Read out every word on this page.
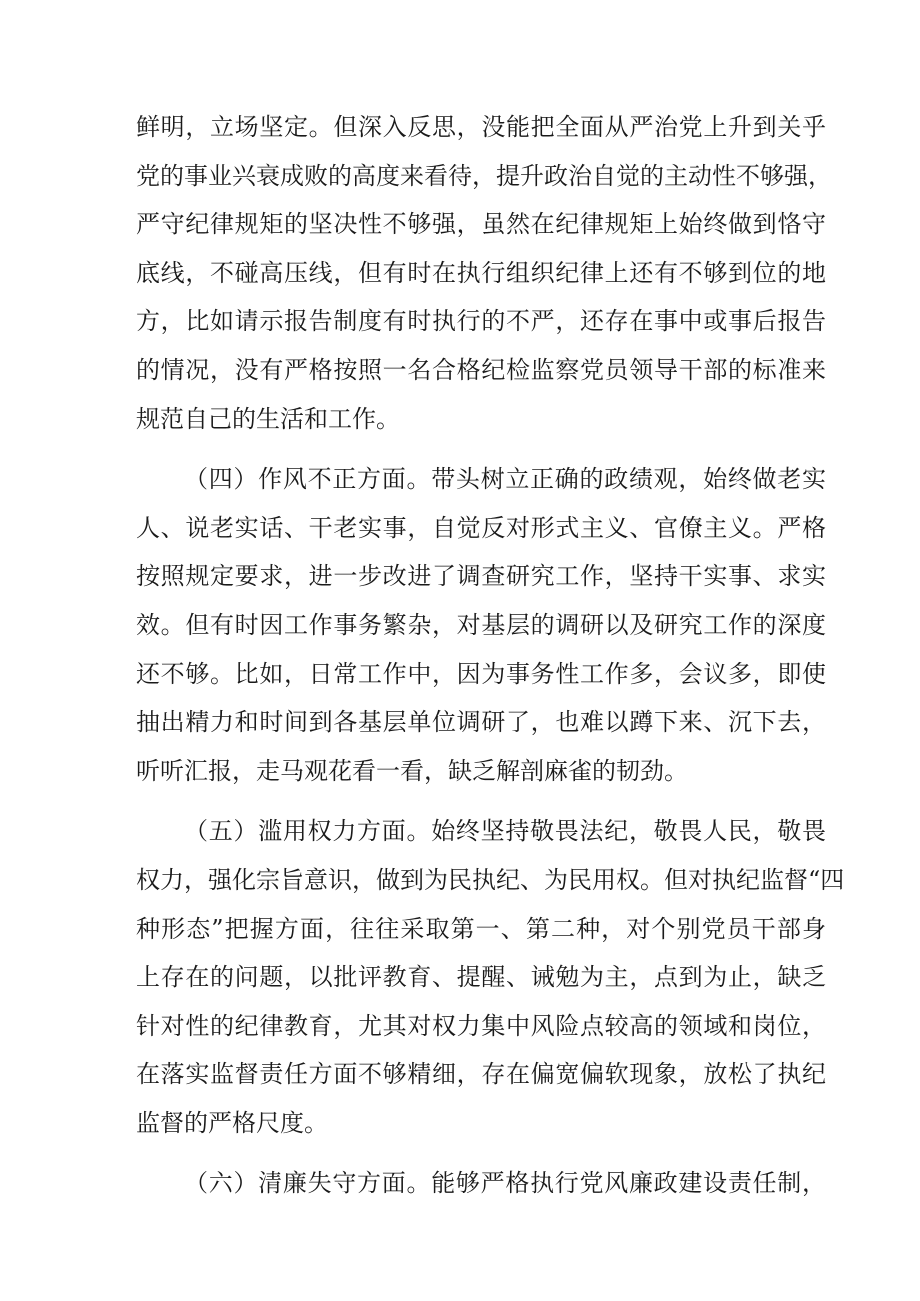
鲜明，立场坚定。但深入反思，没能把全面从严治党上升到关乎
党的事业兴衰成败的高度来看待，提升政治自觉的主动性不够强，
严守纪律规矩的坚决性不够强，虽然在纪律规矩上始终做到恪守
底线，不碰高压线，但有时在执行组织纪律上还有不够到位的地
方，比如请示报告制度有时执行的不严，还存在事中或事后报告
的情况，没有严格按照一名合格纪检监察党员领导干部的标准来
规范自己的生活和工作。
（四）作风不正方面。带头树立正确的政绩观，始终做老实
人、说老实话、干老实事，自觉反对形式主义、官僚主义。严格
按照规定要求，进一步改进了调查研究工作，坚持干实事、求实
效。但有时因工作事务繁杂，对基层的调研以及研究工作的深度
还不够。比如，日常工作中，因为事务性工作多，会议多，即使
抽出精力和时间到各基层单位调研了，也难以蹲下来、沉下去，
听听汇报，走马观花看一看，缺乏解剖麻雀的韧劲。
（五）滥用权力方面。始终坚持敬畏法纪，敬畏人民，敬畏
权力，强化宗旨意识，做到为民执纪、为民用权。但对执纪监督“四
种形态”把握方面，往往采取第一、第二种，对个别党员干部身
上存在的问题，以批评教育、提醒、诫勉为主，点到为止，缺乏
针对性的纪律教育，尤其对权力集中风险点较高的领域和岗位，
在落实监督责任方面不够精细，存在偏宽偏软现象，放松了执纪
监督的严格尺度。
（六）清廉失守方面。能够严格执行党风廉政建设责任制，
